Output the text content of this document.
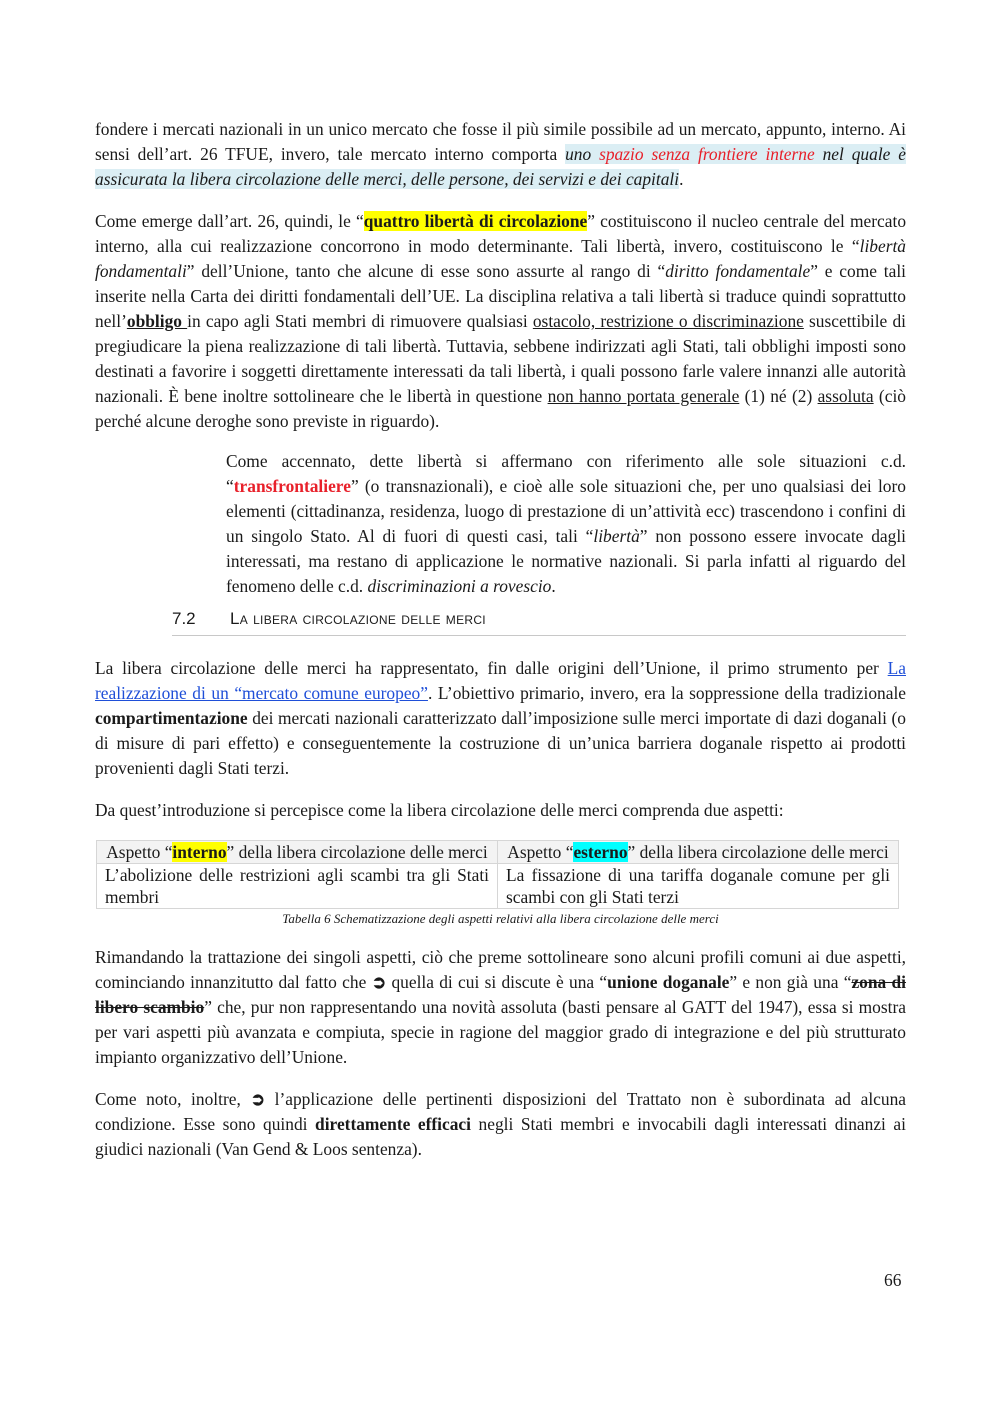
fondere i mercati nazionali in un unico mercato che fosse il più simile possibile ad un mercato, appunto, interno. Ai sensi dell’art. 26 TFUE, invero, tale mercato interno comporta uno spazio senza frontiere interne nel quale è assicurata la libera circolazione delle merci, delle persone, dei servizi e dei capitali.

Come emerge dall’art. 26, quindi, le “quattro libertà di circolazione” costituiscono il nucleo centrale del mercato interno, alla cui realizzazione concorrono in modo determinante. Tali libertà, invero, costituiscono le “libertà fondamentali” dell’Unione, tanto che alcune di esse sono assurte al rango di “diritto fondamentale” e come tali inserite nella Carta dei diritti fondamentali dell’UE. La disciplina relativa a tali libertà si traduce quindi soprattutto nell’obbligo in capo agli Stati membri di rimuovere qualsiasi ostacolo, restrizione o discriminazione suscettibile di pregiudicare la piena realizzazione di tali libertà. Tuttavia, sebbene indirizzati agli Stati, tali obblighi imposti sono destinati a favorire i soggetti direttamente interessati da tali libertà, i quali possono farle valere innanzi alle autorità nazionali. È bene inoltre sottolineare che le libertà in questione non hanno portata generale (1) né (2) assoluta (ciò perché alcune deroghe sono previste in riguardo).

Come accennato, dette libertà si affermano con riferimento alle sole situazioni c.d. “transfrontaliere” (o transnazionali), e cioè alle sole situazioni che, per uno qualsiasi dei loro elementi (cittadinanza, residenza, luogo di prestazione di un’attività ecc) trascendono i confini di un singolo Stato. Al di fuori di questi casi, tali “libertà” non possono essere invocate dagli interessati, ma restano di applicazione le normative nazionali. Si parla infatti al riguardo del fenomeno delle c.d. discriminazioni a rovescio.

7.2 La libera circolazione delle merci

La libera circolazione delle merci ha rappresentato, fin dalle origini dell’Unione, il primo strumento per La realizzazione di un “mercato comune europeo”. L’obiettivo primario, invero, era la soppressione della tradizionale compartimentazione dei mercati nazionali caratterizzato dall’imposizione sulle merci importate di dazi doganali (o di misure di pari effetto) e conseguentemente la costruzione di un’unica barriera doganale rispetto ai prodotti provenienti dagli Stati terzi.

Da quest’introduzione si percepisce come la libera circolazione delle merci comprenda due aspetti:

Aspetto “interno” della libera circolazione delle merci	Aspetto “esterno” della libera circolazione delle merci
L’abolizione delle restrizioni agli scambi tra gli Stati membri	La fissazione di una tariffa doganale comune per gli scambi con gli Stati terzi
Tabella 6 Schematizzazione degli aspetti relativi alla libera circolazione delle merci

Rimandando la trattazione dei singoli aspetti, ciò che preme sottolineare sono alcuni profili comuni ai due aspetti, cominciando innanzitutto dal fatto che ➲ quella di cui si discute è una “unione doganale” e non già una “zona di libero scambio” che, pur non rappresentando una novità assoluta (basti pensare al GATT del 1947), essa si mostra per vari aspetti più avanzata e compiuta, specie in ragione del maggior grado di integrazione e del più strutturato impianto organizzativo dell’Unione.

Come noto, inoltre, ➲ l’applicazione delle pertinenti disposizioni del Trattato non è subordinata ad alcuna condizione. Esse sono quindi direttamente efficaci negli Stati membri e invocabili dagli interessati dinanzi ai giudici nazionali (Van Gend & Loos sentenza).

66
